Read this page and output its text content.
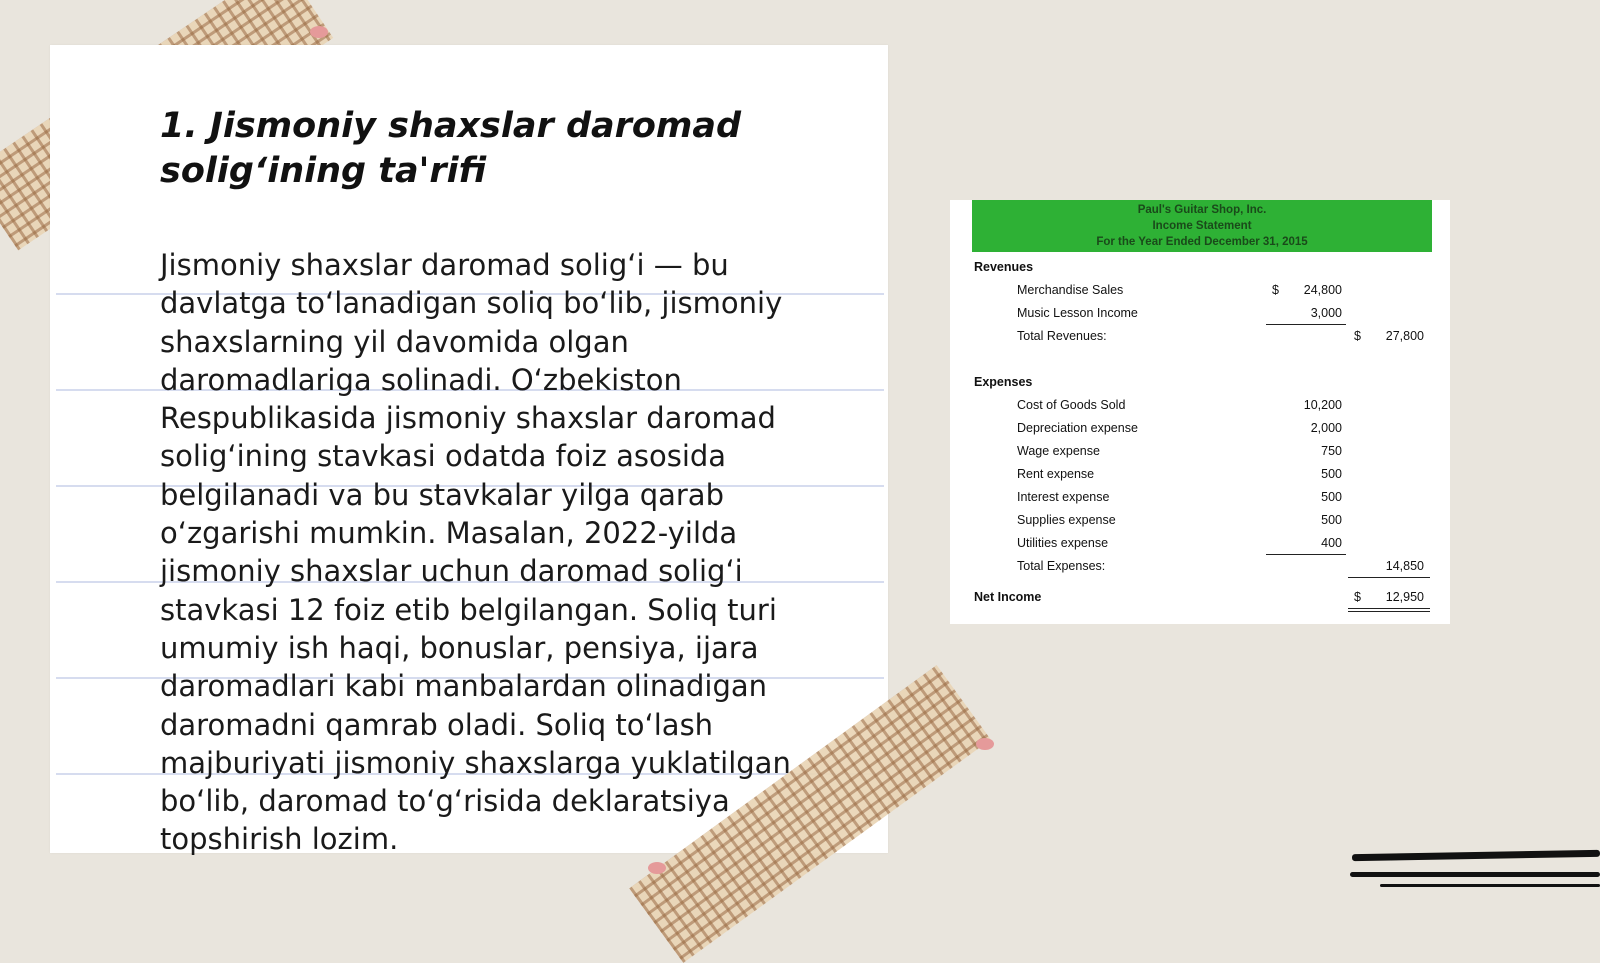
1. Jismoniy shaxslar daromad solig‘ining ta'rifi

Jismoniy shaxslar daromad solig‘i — bu davlatga to‘lanadigan soliq bo‘lib, jismoniy shaxslarning yil davomida olgan daromadlariga solinadi. O‘zbekiston Respublikasida jismoniy shaxslar daromad solig‘ining stavkasi odatda foiz asosida belgilanadi va bu stavkalar yilga qarab o‘zgarishi mumkin. Masalan, 2022-yilda jismoniy shaxslar uchun daromad solig‘i stavkasi 12 foiz etib belgilangan. Soliq turi umumiy ish haqi, bonuslar, pensiya, ijara daromadlari kabi manbalardan olinadigan daromadni qamrab oladi. Soliq to‘lash majburiyati jismoniy shaxslarga yuklatilgan bo‘lib, daromad to‘g‘risida deklaratsiya topshirish lozim.

Paul's Guitar Shop, Inc.
Income Statement
For the Year Ended December 31, 2015
Revenues
Merchandise Sales	$	24,800
Music Lesson Income	3,000
Total Revenues:	$	27,800
Expenses
Cost of Goods Sold	10,200
Depreciation expense	2,000
Wage expense	750
Rent expense	500
Interest expense	500
Supplies expense	500
Utilities expense	400
Total Expenses:	14,850
Net Income	$	12,950
